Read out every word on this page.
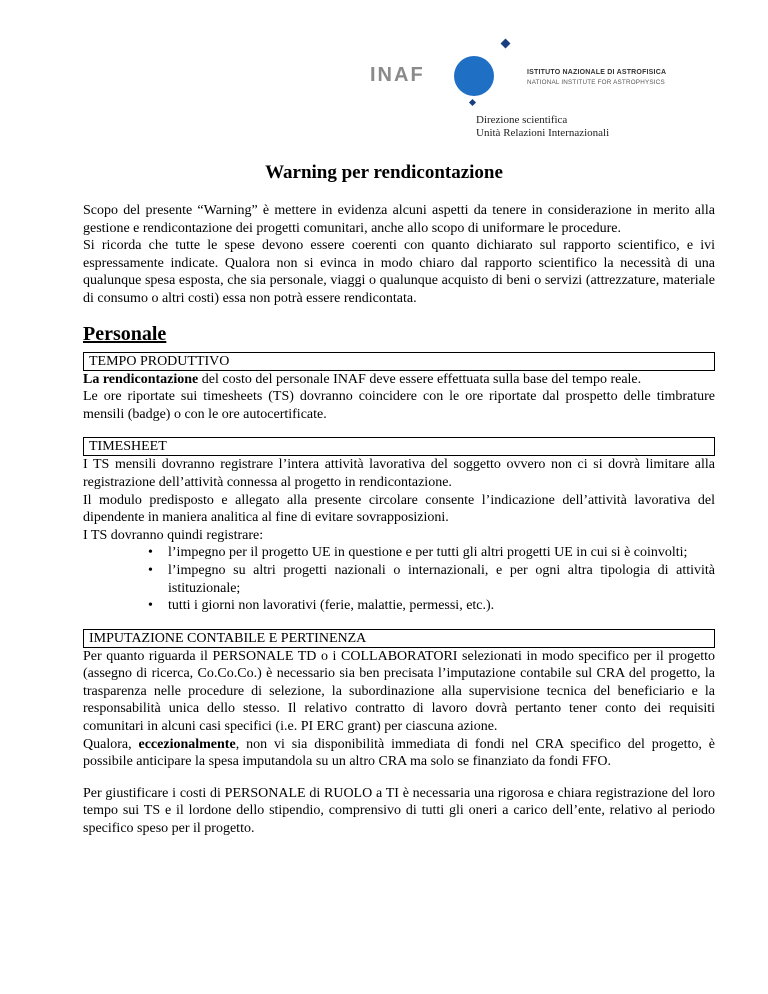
INAF	ISTITUTO NAZIONALE DI ASTROFISICA
NATIONAL INSTITUTE FOR ASTROPHYSICS
Direzione scientifica
Unità Relazioni Internazionali
Warning per rendicontazione

Scopo del presente “Warning” è mettere in evidenza alcuni aspetti da tenere in considerazione in merito alla gestione e rendicontazione dei progetti comunitari, anche allo scopo di uniformare le procedure.

Si ricorda che tutte le spese devono essere coerenti con quanto dichiarato sul rapporto scientifico, e ivi espressamente indicate. Qualora non si evinca in modo chiaro dal rapporto scientifico la necessità di una qualunque spesa esposta, che sia personale, viaggi o qualunque acquisto di beni o servizi (attrezzature, materiale di consumo o altri costi) essa non potrà essere rendicontata.

Personale
TEMPO PRODUTTIVO

La rendicontazione del costo del personale INAF deve essere effettuata sulla base del tempo reale.

Le ore riportate sui timesheets (TS) dovranno coincidere con le ore riportate dal prospetto delle timbrature mensili (badge) o con le ore autocertificate.

TIMESHEET

I TS mensili dovranno registrare l’intera attività lavorativa del soggetto ovvero non ci si dovrà limitare alla registrazione dell’attività connessa al progetto in rendicontazione.

Il modulo predisposto e allegato alla presente circolare consente l’indicazione dell’attività lavorativa del dipendente in maniera analitica al fine di evitare sovrapposizioni.

I TS dovranno quindi registrare:

• l’impegno per il progetto UE in questione e per tutti gli altri progetti UE in cui si è coinvolti;
• l’impegno su altri progetti nazionali o internazionali, e per ogni altra tipologia di attività istituzionale;
• tutti i giorni non lavorativi (ferie, malattie, permessi, etc.).
IMPUTAZIONE CONTABILE E PERTINENZA

Per quanto riguarda il PERSONALE TD o i COLLABORATORI selezionati in modo specifico per il progetto (assegno di ricerca, Co.Co.Co.) è necessario sia ben precisata l’imputazione contabile sul CRA del progetto, la trasparenza nelle procedure di selezione, la subordinazione alla supervisione tecnica del beneficiario e la responsabilità unica dello stesso. Il relativo contratto di lavoro dovrà pertanto tener conto dei requisiti comunitari in alcuni casi specifici (i.e. PI ERC grant) per ciascuna azione.

Qualora, eccezionalmente, non vi sia disponibilità immediata di fondi nel CRA specifico del progetto, è possibile anticipare la spesa imputandola su un altro CRA ma solo se finanziato da fondi FFO.

Per giustificare i costi di PERSONALE di RUOLO a TI è necessaria una rigorosa e chiara registrazione del loro tempo sui TS e il lordone dello stipendio, comprensivo di tutti gli oneri a carico dell’ente, relativo al periodo specifico speso per il progetto.
